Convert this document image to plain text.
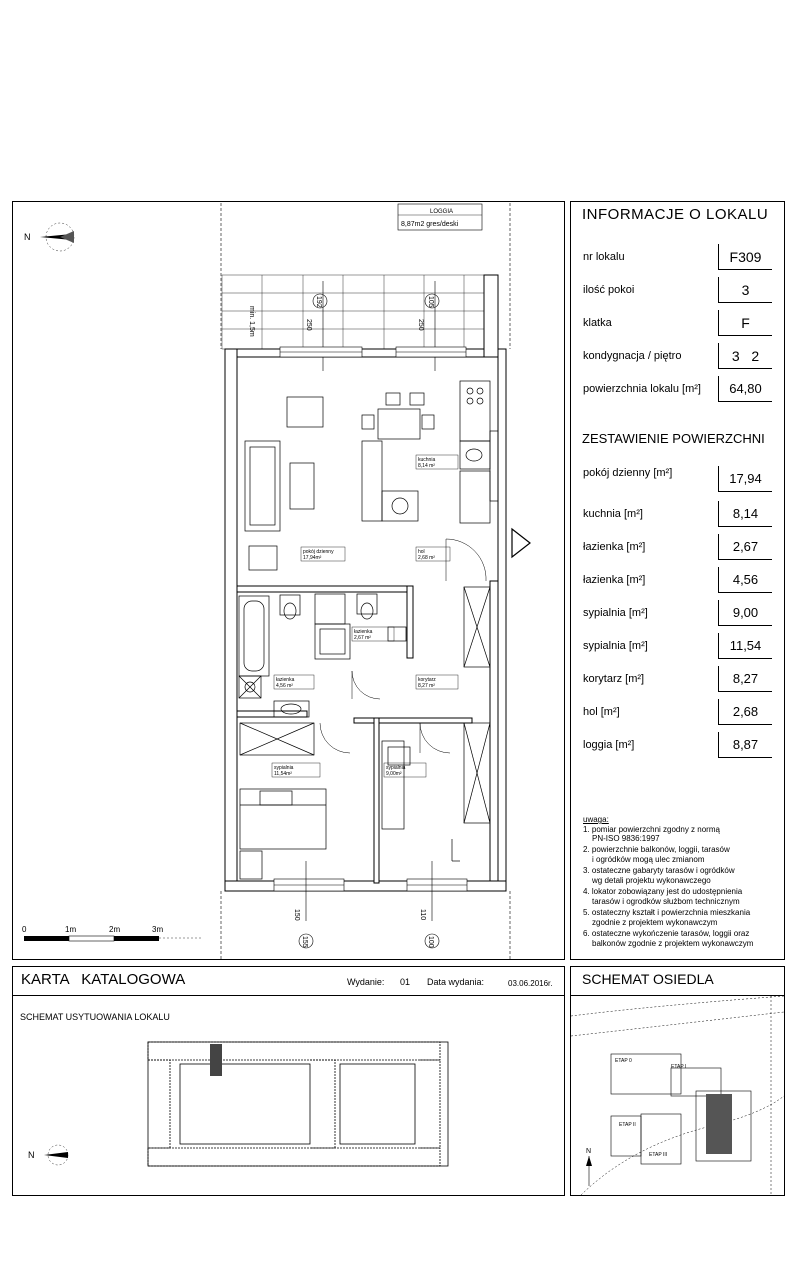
INFORMACJE O LOKALU
nr lokalu	F309
ilość pokoi	3
klatka	F
kondygnacja / piętro	3   2
powierzchnia lokalu [m²]	64,80
ZESTAWIENIE POWIERZCHNI
pokój dzienny [m²]	17,94
kuchnia [m²]	8,14
łazienka [m²]	2,67
łazienka [m²]	4,56
sypialnia [m²]	9,00
sypialnia [m²]	11,54
korytarz [m²]	8,27
hol [m²]	2,68
loggia [m²]	8,87
uwaga:
1. pomiar powierzchni zgodny z normą
PN-ISO 9836:1997
2. powierzchnie balkonów, loggii, tarasów
i ogródków mogą ulec zmianom
3. ostateczne gabaryty tarasów i ogródków
wg detali projektu wykonawczego
4. lokator zobowiązany jest do udostępnienia
tarasów i ogrodków służbom technicznym
5. ostateczny kształt i powierzchnia mieszkania
zgodnie z projektem wykonawczym
6. ostateczne wykończenie tarasów, loggii oraz
balkonów zgodnie z projektem wykonawczym
LOGGIA
8,87m2 gres/deski
min. 1,5m
192
250
105
250
kuchnia
8,14 m²
pokój dzienny
17,94m²
hol
2,68 m²
łazienka
2,67 m²
łazienka
4,56 m²
korytarz
8,27 m²
sypialnia
11,54m²
sypialnia
9,00m²
150
155
110
100
0	1m	2m	3m
N
KARTA   KATALOGOWA	Wydanie: 01 Data wydania:	03.06.2016r.
SCHEMAT USYTUOWANIA LOKALU
SCHEMAT OSIEDLA
N
ETAP 0
ETAP I
ETAP II
ETAP III
N
